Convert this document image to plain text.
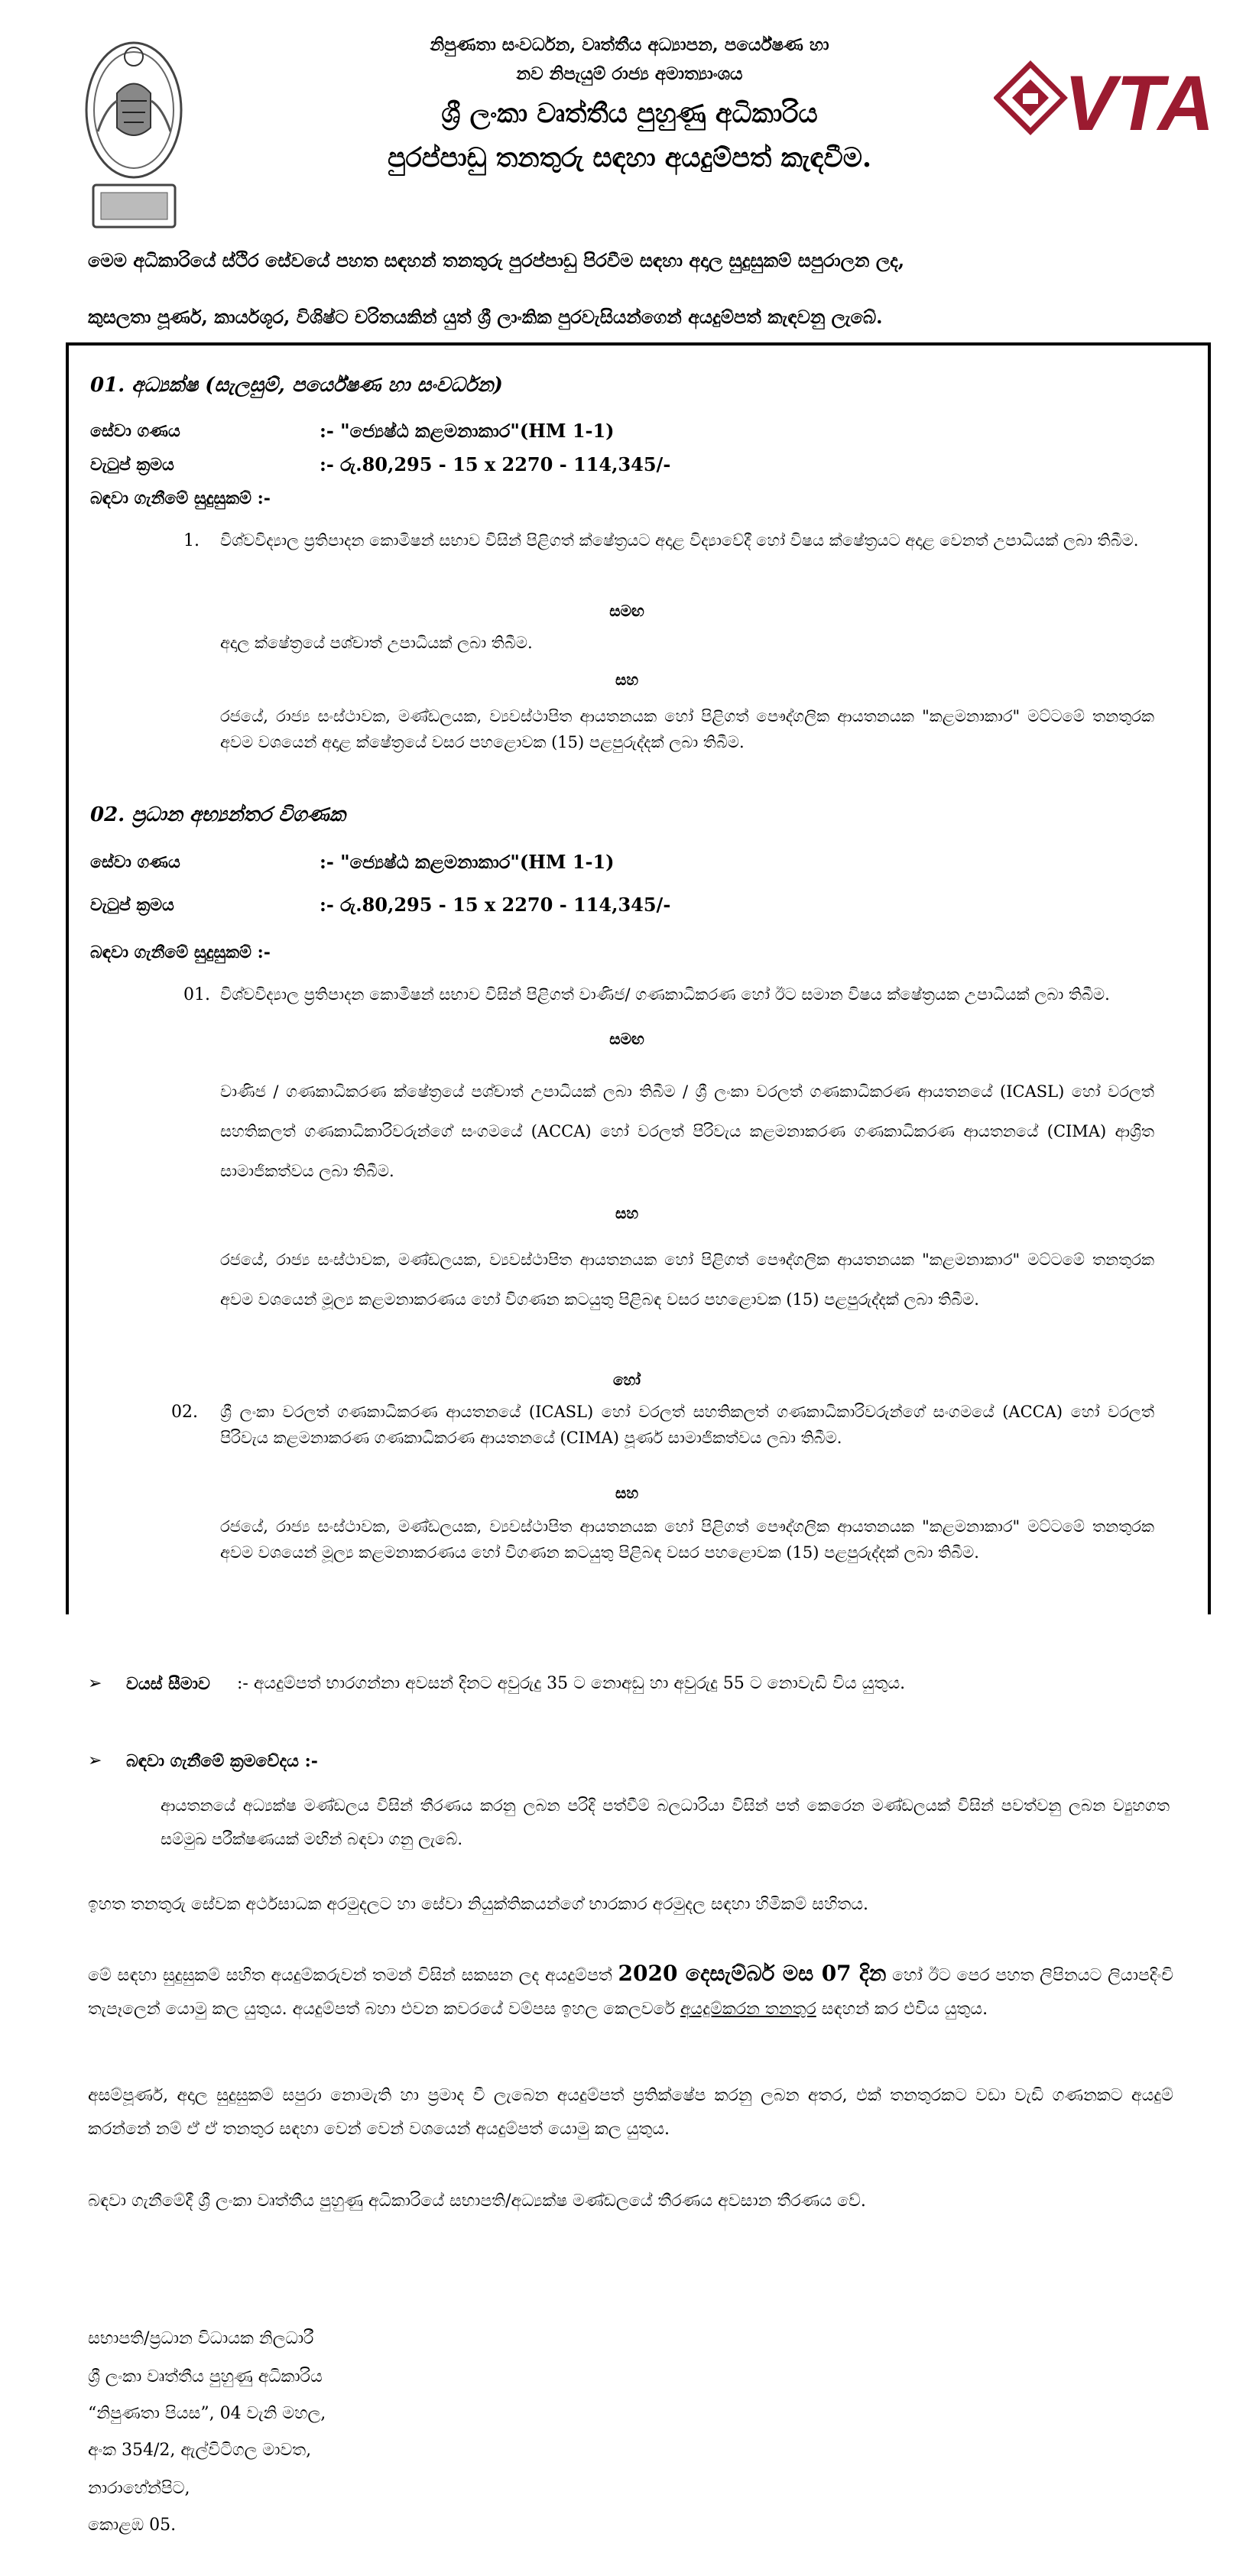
නිපුණතා සංවර්ධන, වෘත්තීය අධ්‍යාපන, පර්යේෂණ හා
නව නිපැයුම් රාජ්‍ය අමාත්‍යාංශය
ශ්‍රී ලංකා වෘත්තීය පුහුණු අධිකාරිය
පුරප්පාඩු තනතුරු සඳහා අයදුම්පත් කැඳවීම.
VTA
මෙම අධිකාරියේ ස්ථිර සේවයේ පහත සඳහන් තනතුරු පුරප්පාඩු පිරවීම සඳහා අදාල සුදුසුකම් සපුරාලන ලද,
කුසලතා පූර්ණ, කාර්යශූර, විශිෂ්ට චරිතයකින් යුත් ශ්‍රී ලාංකික පුරවැසියන්ගෙන් අයදුම්පත් කැඳවනු ලැබේ.
01. අධ්‍යක්ෂ (සැලසුම්, පර්යේෂණ හා සංවර්ධන)
සේවා ගණය	:- "ජ්‍යෙෂ්ඨ කළමනාකාර"(HM 1-1)
වැටුප් ක්‍රමය	:- රු.80,295 - 15 x 2270 - 114,345/-
බඳවා ගැනීමේ සුදුසුකම් :-
1. විශ්වවිද්‍යාල ප්‍රතිපාදන කොමිෂන් සභාව විසින් පිළිගත් ක්ෂේත්‍රයට අදාළ විද්‍යාවේදී හෝ විෂය ක්ෂේත්‍රයට අදාළ වෙනත් උපාධියක් ලබා තිබීම.
සමඟ
අදාල ක්ෂේත්‍රයේ පශ්චාත් උපාධියක් ලබා තිබීම.
සහ
රජයේ, රාජ්‍ය සංස්ථාවක, මණ්ඩලයක, ව්‍යවස්ථාපිත ආයතනයක හෝ පිළිගත් පෞද්ගලික ආයතනයක "කළමනාකාර" මට්ටමේ තනතුරක අවම වශයෙන් අදාළ ක්ෂේත්‍රයේ වසර පහළොවක (15) පළපුරුද්දක් ලබා තිබීම.
02. ප්‍රධාන අභ්‍යන්තර විගණක
සේවා ගණය	:- "ජ්‍යෙෂ්ඨ කළමනාකාර"(HM 1-1)
වැටුප් ක්‍රමය	:- රු.80,295 - 15 x 2270 - 114,345/-
බඳවා ගැනීමේ සුදුසුකම් :-
01. විශ්වවිද්‍යාල ප්‍රතිපාදන කොමිෂන් සභාව විසින් පිළිගත් වාණිජ/ ගණකාධිකරණ හෝ ඊට සමාන විෂය ක්ෂේත්‍රයක උපාධියක් ලබා තිබීම.
සමඟ
වාණිජ / ගණකාධිකරණ ක්ෂේත්‍රයේ පශ්චාත් උපාධියක් ලබා තිබීම / ශ්‍රී ලංකා වරලත් ගණකාධිකරණ ආයතනයේ (ICASL) හෝ වරලත් සහතිකලත් ගණකාධිකාරිවරුන්ගේ සංගමයේ (ACCA) හෝ වරලත් පිරිවැය කළමනාකරණ ගණකාධිකරණ ආයතනයේ (CIMA) ආශ්‍රිත සාමාජිකත්වය ලබා තිබීම.
සහ
රජයේ, රාජ්‍ය සංස්ථාවක, මණ්ඩලයක, ව්‍යවස්ථාපිත ආයතනයක හෝ පිළිගත් පෞද්ගලික ආයතනයක "කළමනාකාර" මට්ටමේ තනතුරක අවම වශයෙන් මූල්‍ය කළමනාකරණය හෝ විගණන කටයුතු පිළිබඳ වසර පහළොවක (15) පළපුරුද්දක් ලබා තිබීම.
හෝ
02. ශ්‍රී ලංකා වරලත් ගණකාධිකරණ ආයතනයේ (ICASL) හෝ වරලත් සහතිකලත් ගණකාධිකාරිවරුන්ගේ සංගමයේ (ACCA) හෝ වරලත් පිරිවැය කළමනාකරණ ගණකාධිකරණ ආයතනයේ (CIMA) පූර්ණ සාමාජිකත්වය ලබා තිබීම.
සහ
රජයේ, රාජ්‍ය සංස්ථාවක, මණ්ඩලයක, ව්‍යවස්ථාපිත ආයතනයක හෝ පිළිගත් පෞද්ගලික ආයතනයක "කළමනාකාර" මට්ටමේ තනතුරක අවම වශයෙන් මූල්‍ය කළමනාකරණය හෝ විගණන කටයුතු පිළිබඳ වසර පහළොවක (15) පළපුරුද්දක් ලබා තිබීම.
➢ වයස් සීමාව :- අයදුම්පත් භාරගන්නා අවසන් දිනට අවුරුදු 35 ට නොඅඩු හා අවුරුදු 55 ට නොවැඩි විය යුතුය.
➢ බඳවා ගැනීමේ ක්‍රමවේදය :-
ආයතනයේ අධ්‍යක්ෂ මණ්ඩලය විසින් තීරණය කරනු ලබන පරිදි පත්වීම් බලධාරියා විසින් පත් කෙරෙන මණ්ඩලයක් විසින් පවත්වනු ලබන ව්‍යුහගත සම්මුඛ පරීක්ෂණයක් මඟින් බඳවා ගනු ලැබේ.
ඉහත තනතුරු සේවක අර්ථසාධක අරමුදලට හා සේවා නියුක්තිකයන්ගේ භාරකාර අරමුදල සඳහා හිමිකම් සහිතය.
මේ සඳහා සුදුසුකම් සහිත අයදුම්කරුවන් තමන් විසින් සකසන ලද අයදුම්පත් 2020 දෙසැම්බර් මස 07 දින හෝ ඊට පෙර පහත ලිපිනයට ලියාපදිංචි තැපෑලෙන් යොමු කල යුතුය. අයදුම්පත් බහා එවන කවරයේ වම්පස ඉහල කෙලවරේ අයදුම්කරන තනතුර සඳහන් කර එවිය යුතුය.
අසම්පූර්ණ, අදාල සුදුසුකම් සපුරා නොමැති හා ප්‍රමාද වී ලැබෙන අයදුම්පත් ප්‍රතික්ෂේප කරනු ලබන අතර, එක් තනතුරකට වඩා වැඩි ගණනකට අයදුම් කරන්නේ නම් ඒ ඒ තනතුර සඳහා වෙන් වෙන් වශයෙන් අයදුම්පත් යොමු කල යුතුය.
බඳවා ගැනීමේදී ශ්‍රී ලංකා වෘත්තීය පුහුණු අධිකාරියේ සභාපති/අධ්‍යක්ෂ මණ්ඩලයේ තීරණය අවසාන තීරණය වේ.
සභාපති/ප්‍රධාන විධායක නිලධාරී
ශ්‍රී ලංකා වෘත්තීය පුහුණු අධිකාරිය
“නිපුණතා පියස”, 04 වැනි මහල,
අංක 354/2, ඇල්විටිගල මාවත,
නාරාහේන්පිට,
කොළඹ 05.
